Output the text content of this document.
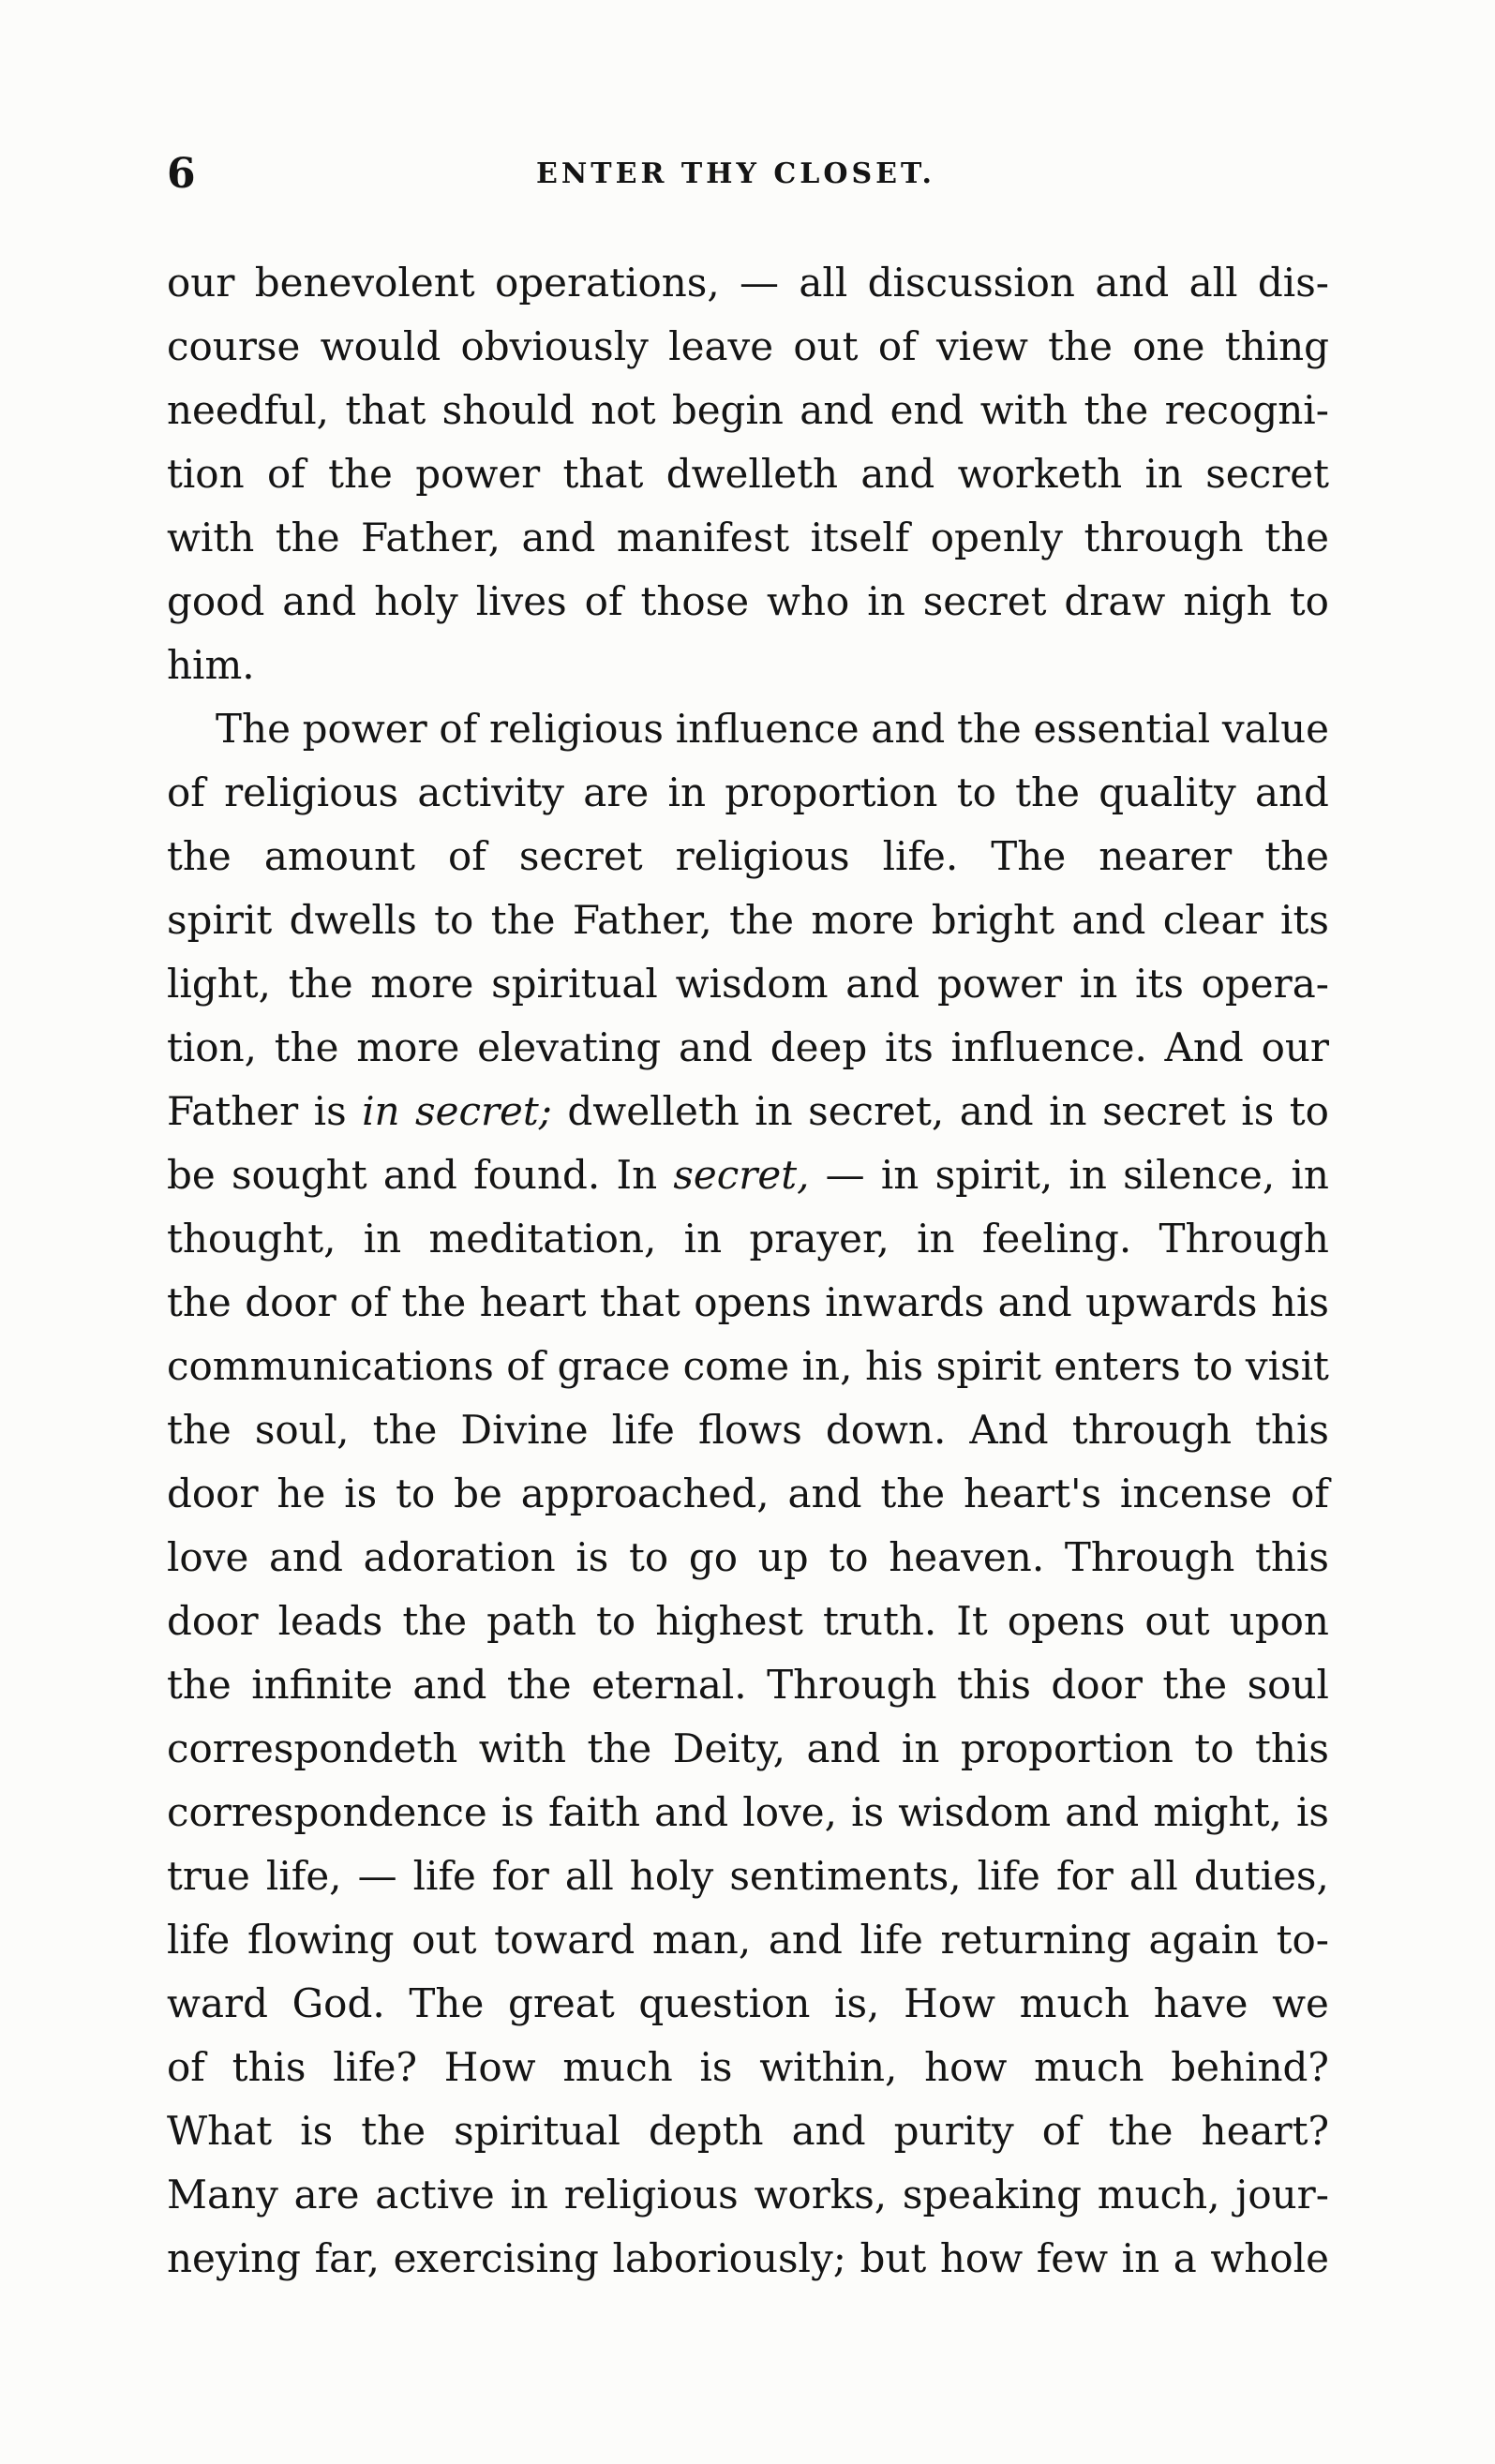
6	ENTER THY CLOSET.
our benevolent operations, — all discussion and all dis-
course would obviously leave out of view the one thing
needful, that should not begin and end with the recogni-
tion of the power that dwelleth and worketh in secret
with the Father, and manifest itself openly through the
good and holy lives of those who in secret draw nigh to
him.
The power of religious influence and the essential value
of religious activity are in proportion to the quality and
the amount of secret religious life. The nearer the
spirit dwells to the Father, the more bright and clear its
light, the more spiritual wisdom and power in its opera-
tion, the more elevating and deep its influence. And our
Father is in secret; dwelleth in secret, and in secret is to
be sought and found. In secret, — in spirit, in silence, in
thought, in meditation, in prayer, in feeling. Through
the door of the heart that opens inwards and upwards his
communications of grace come in, his spirit enters to visit
the soul, the Divine life flows down. And through this
door he is to be approached, and the heart's incense of
love and adoration is to go up to heaven. Through this
door leads the path to highest truth. It opens out upon
the infinite and the eternal. Through this door the soul
correspondeth with the Deity, and in proportion to this
correspondence is faith and love, is wisdom and might, is
true life, — life for all holy sentiments, life for all duties,
life flowing out toward man, and life returning again to-
ward God. The great question is, How much have we
of this life? How much is within, how much behind?
What is the spiritual depth and purity of the heart?
Many are active in religious works, speaking much, jour-
neying far, exercising laboriously; but how few in a whole
